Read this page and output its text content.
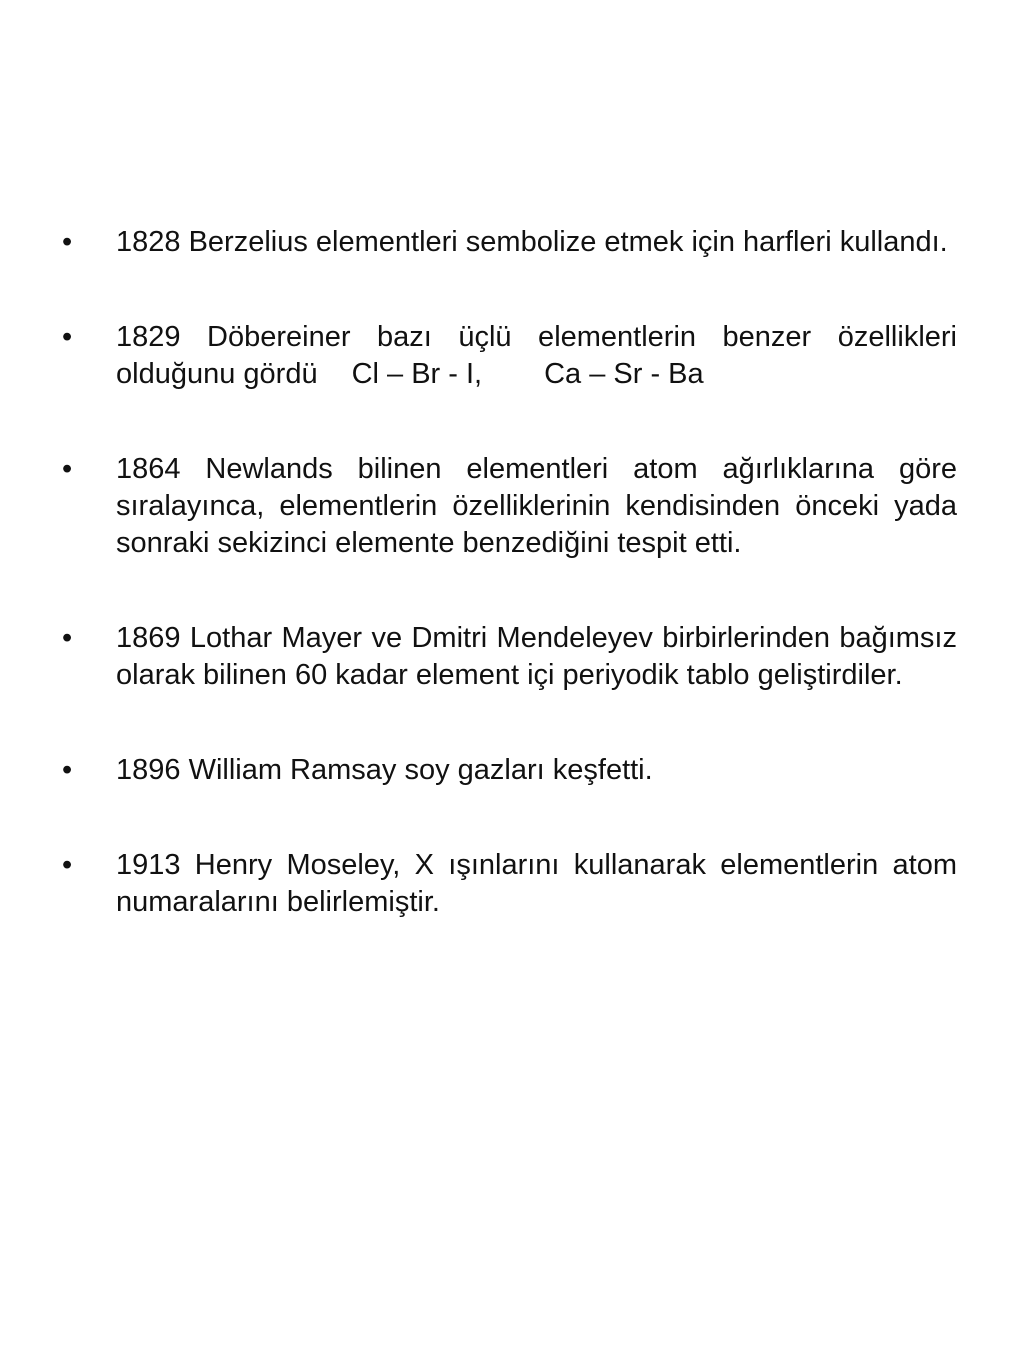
•	1828 Berzelius elementleri sembolize etmek için harfleri kullandı.
•	1829 Döbereiner bazı üçlü elementlerin benzer özellikleri olduğunu gördü Cl – Br - I, Ca – Sr - Ba
•	1864 Newlands bilinen elementleri atom ağırlıklarına göre sıralayınca, elementlerin özelliklerinin kendisinden önceki yada sonraki sekizinci elemente benzediğini tespit etti.
•	1869 Lothar Mayer ve Dmitri Mendeleyev birbirlerinden bağımsız olarak bilinen 60 kadar element içi periyodik tablo geliştirdiler.
•	1896 William Ramsay soy gazları keşfetti.
•	1913 Henry Moseley, X ışınlarını kullanarak elementlerin atom numaralarını belirlemiştir.
